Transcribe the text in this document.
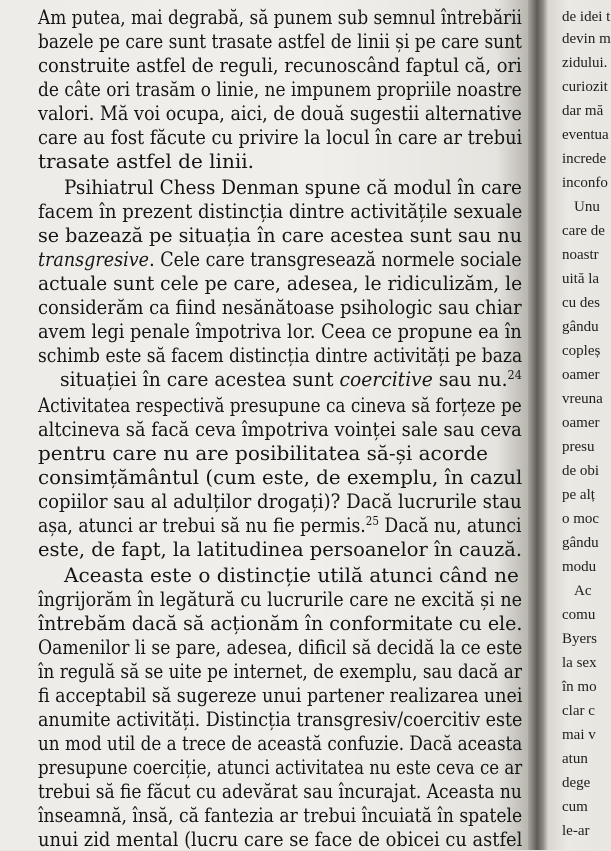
Am putea, mai degrabă, să punem sub semnul întrebării
bazele pe care sunt trasate astfel de linii și pe care sunt
construite astfel de reguli, recunoscând faptul că, ori
de câte ori trasăm o linie, ne impunem propriile noastre
valori. Mă voi ocupa, aici, de două sugestii alternative
care au fost făcute cu privire la locul în care ar trebui
trasate astfel de linii.
Psihiatrul Chess Denman spune că modul în care
facem în prezent distincția dintre activitățile sexuale
se bazează pe situația în care acestea sunt sau nu
transgresive. Cele care transgresează normele sociale
actuale sunt cele pe care, adesea, le ridiculizăm, le
considerăm ca fiind nesănătoase psihologic sau chiar
avem legi penale împotriva lor. Ceea ce propune ea în
schimb este să facem distincția dintre activități pe baza
situației în care acestea sunt coercitive sau nu.$^{24}$
Activitatea respectivă presupune ca cineva să forțeze pe
altcineva să facă ceva împotriva voinței sale sau ceva
pentru care nu are posibilitatea să-și acorde
consimțământul (cum este, de exemplu, în cazul
copiilor sau al adulților drogați)? Dacă lucrurile stau
așa, atunci ar trebui să nu fie permis.$^{25}$ Dacă nu, atunci
este, de fapt, la latitudinea persoanelor în cauză.
Aceasta este o distincție utilă atunci când ne
îngrijorăm în legătură cu lucrurile care ne excită și ne
întrebăm dacă să acționăm în conformitate cu ele.
Oamenilor li se pare, adesea, dificil să decidă la ce este
în regulă să se uite pe internet, de exemplu, sau dacă ar
fi acceptabil să sugereze unui partener realizarea unei
anumite activități. Distincția transgresiv/coercitiv este
un mod util de a trece de această confuzie. Dacă aceasta
presupune coerciție, atunci activitatea nu este ceva ce ar
trebui să fie făcut cu adevărat sau încurajat. Aceasta nu
înseamnă, însă, că fantezia ar trebui încuiată în spatele
unui zid mental (lucru care se face de obicei cu astfel
de idei t
devin m
zidului.
curiozit
dar mă
eventua
increde
inconfo
Unu
care de
noastr
uită la
cu des
gându
copleș
oamer
vreuna
oamer
presu
de obi
pe alț
o moc
gându
modu
Ac
comu
Byers
la sex
în mo
clar c
mai v
atun
dege
cum
le-ar
